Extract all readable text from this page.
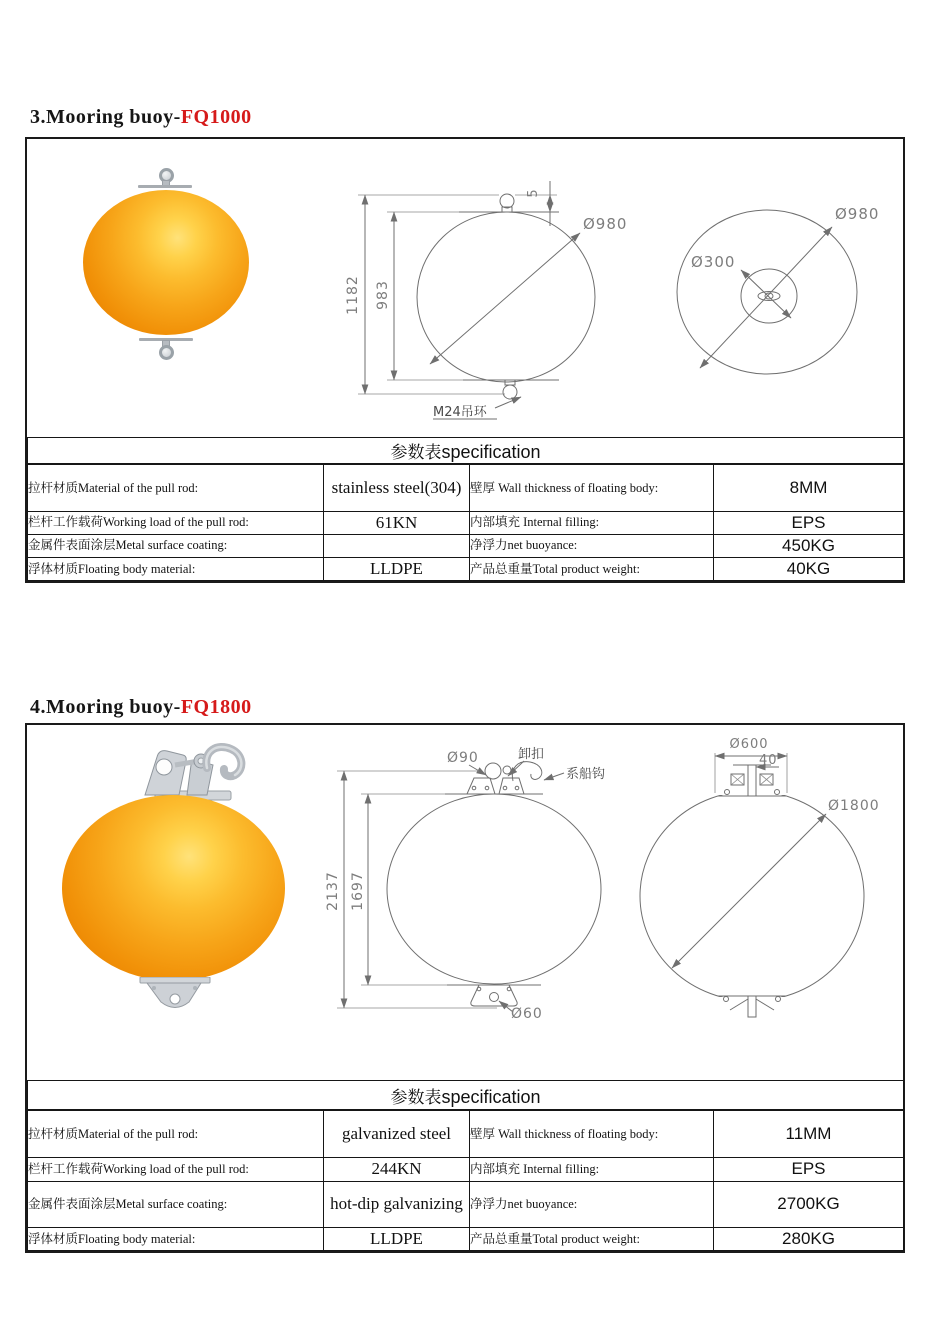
3.Mooring buoy-FQ1000
1182 983
5
Ø980
M24吊环
Ø980
Ø300
参数表specification			
拉杆材质Material of the pull rod:	stainless steel(304)	壁厚 Wall thickness of floating body:	8MM
栏杆工作载荷Working load of the pull rod:	61KN	内部填充 Internal filling:	EPS
金属件表面涂层Metal surface coating:		净浮力net buoyance:	450KG
浮体材质Floating body material:	LLDPE	产品总重量Total product weight:	40KG
4.Mooring buoy-FQ1800
Ø90	卸扣
系船钩
2137 1697
Ø60
Ø600
40
Ø1800
参数表specification			
拉杆材质Material of the pull rod:	galvanized steel	壁厚 Wall thickness of floating body:	11MM
栏杆工作载荷Working load of the pull rod:	244KN	内部填充 Internal filling:	EPS
金属件表面涂层Metal surface coating:	hot-dip galvanizing	净浮力net buoyance:	2700KG
浮体材质Floating body material:	LLDPE	产品总重量Total product weight:	280KG
